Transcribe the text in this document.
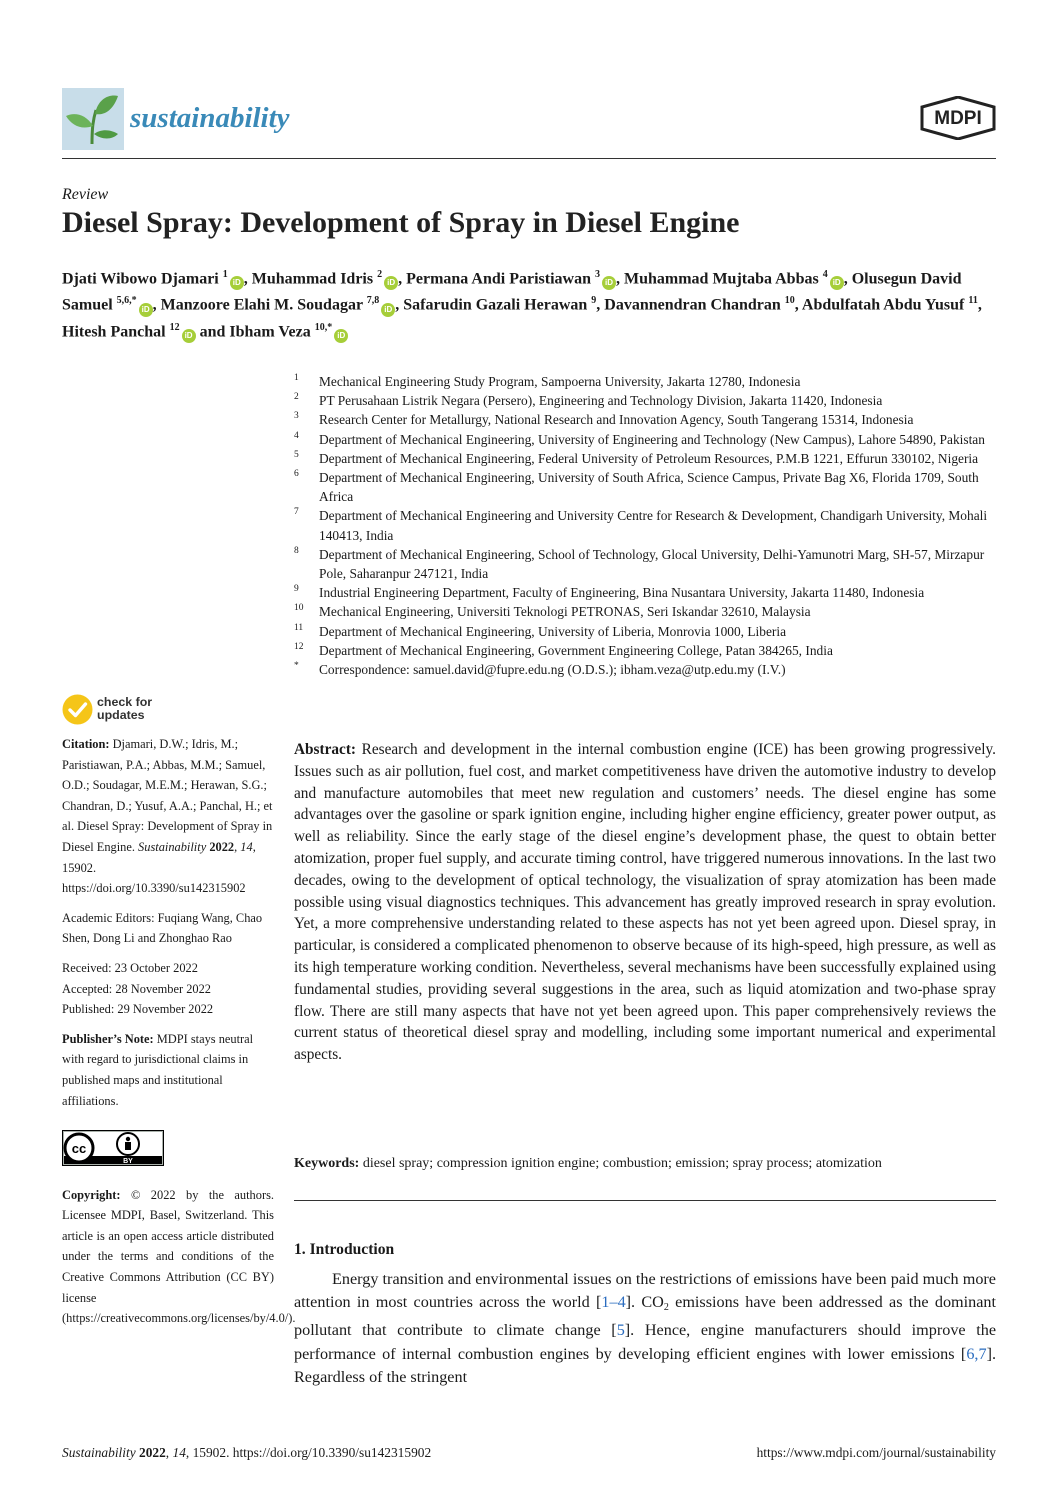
sustainability	MDPI
Review
Diesel Spray: Development of Spray in Diesel Engine
Djati Wibowo Djamari $^1$iD , Muhammad Idris $^2$iD , Permana Andi Paristiawan $^3$iD , Muhammad Mujtaba Abbas $^4$iD , Olusegun David Samuel $^{5,6,*}$iD , Manzoore Elahi M. Soudagar $^{7,8}$iD , Safarudin Gazali Herawan $^9$, Davannendran Chandran $^{10}$, Abdulfatah Abdu Yusuf $^{11}$, Hitesh Panchal $^{12}$iD and Ibham Veza $^{10,*}$iD
1 Mechanical Engineering Study Program, Sampoerna University, Jakarta 12780, Indonesia
2 PT Perusahaan Listrik Negara (Persero), Engineering and Technology Division, Jakarta 11420, Indonesia
3 Research Center for Metallurgy, National Research and Innovation Agency, South Tangerang 15314, Indonesia
4 Department of Mechanical Engineering, University of Engineering and Technology (New Campus), Lahore 54890, Pakistan
5 Department of Mechanical Engineering, Federal University of Petroleum Resources, P.M.B 1221, Effurun 330102, Nigeria
6 Department of Mechanical Engineering, University of South Africa, Science Campus, Private Bag X6, Florida 1709, South Africa
7 Department of Mechanical Engineering and University Centre for Research & Development, Chandigarh University, Mohali 140413, India
8 Department of Mechanical Engineering, School of Technology, Glocal University, Delhi-Yamunotri Marg, SH-57, Mirzapur Pole, Saharanpur 247121, India
9 Industrial Engineering Department, Faculty of Engineering, Bina Nusantara University, Jakarta 11480, Indonesia
10 Mechanical Engineering, Universiti Teknologi PETRONAS, Seri Iskandar 32610, Malaysia
11 Department of Mechanical Engineering, University of Liberia, Monrovia 1000, Liberia
12 Department of Mechanical Engineering, Government Engineering College, Patan 384265, India
* Correspondence: samuel.david@fupre.edu.ng (O.D.S.); ibham.veza@utp.edu.my (I.V.)
check for
updates
Citation: Djamari, D.W.; Idris, M.; Paristiawan, P.A.; Abbas, M.M.; Samuel, O.D.; Soudagar, M.E.M.; Herawan, S.G.; Chandran, D.; Yusuf, A.A.; Panchal, H.; et al. Diesel Spray: Development of Spray in Diesel Engine. Sustainability 2022, 14, 15902. https://doi.org/10.3390/su142315902
Academic Editors: Fuqiang Wang, Chao Shen, Dong Li and Zhonghao Rao
Received: 23 October 2022
Accepted: 28 November 2022
Published: 29 November 2022
Publisher’s Note: MDPI stays neutral with regard to jurisdictional claims in published maps and institutional affiliations.
cc
BY
Copyright: © 2022 by the authors. Licensee MDPI, Basel, Switzerland. This article is an open access article distributed under the terms and conditions of the Creative Commons Attribution (CC BY) license (https://creativecommons.org/licenses/by/4.0/).
Abstract: Research and development in the internal combustion engine (ICE) has been growing progressively. Issues such as air pollution, fuel cost, and market competitiveness have driven the automotive industry to develop and manufacture automobiles that meet new regulation and customers’ needs. The diesel engine has some advantages over the gasoline or spark ignition engine, including higher engine efficiency, greater power output, as well as reliability. Since the early stage of the diesel engine’s development phase, the quest to obtain better atomization, proper fuel supply, and accurate timing control, have triggered numerous innovations. In the last two decades, owing to the development of optical technology, the visualization of spray atomization has been made possible using visual diagnostics techniques. This advancement has greatly improved research in spray evolution. Yet, a more comprehensive understanding related to these aspects has not yet been agreed upon. Diesel spray, in particular, is considered a complicated phenomenon to observe because of its high-speed, high pressure, as well as its high temperature working condition. Nevertheless, several mechanisms have been successfully explained using fundamental studies, providing several suggestions in the area, such as liquid atomization and two-phase spray flow. There are still many aspects that have not yet been agreed upon. This paper comprehensively reviews the current status of theoretical diesel spray and modelling, including some important numerical and experimental aspects.
Keywords: diesel spray; compression ignition engine; combustion; emission; spray process; atomization
1. Introduction
Energy transition and environmental issues on the restrictions of emissions have been paid much more attention in most countries across the world [1–4]. $CO_2$ emissions have been addressed as the dominant pollutant that contribute to climate change [5]. Hence, engine manufacturers should improve the performance of internal combustion engines by developing efficient engines with lower emissions [6,7]. Regardless of the stringent
Sustainability 2022, 14, 15902. https://doi.org/10.3390/su142315902	https://www.mdpi.com/journal/sustainability
